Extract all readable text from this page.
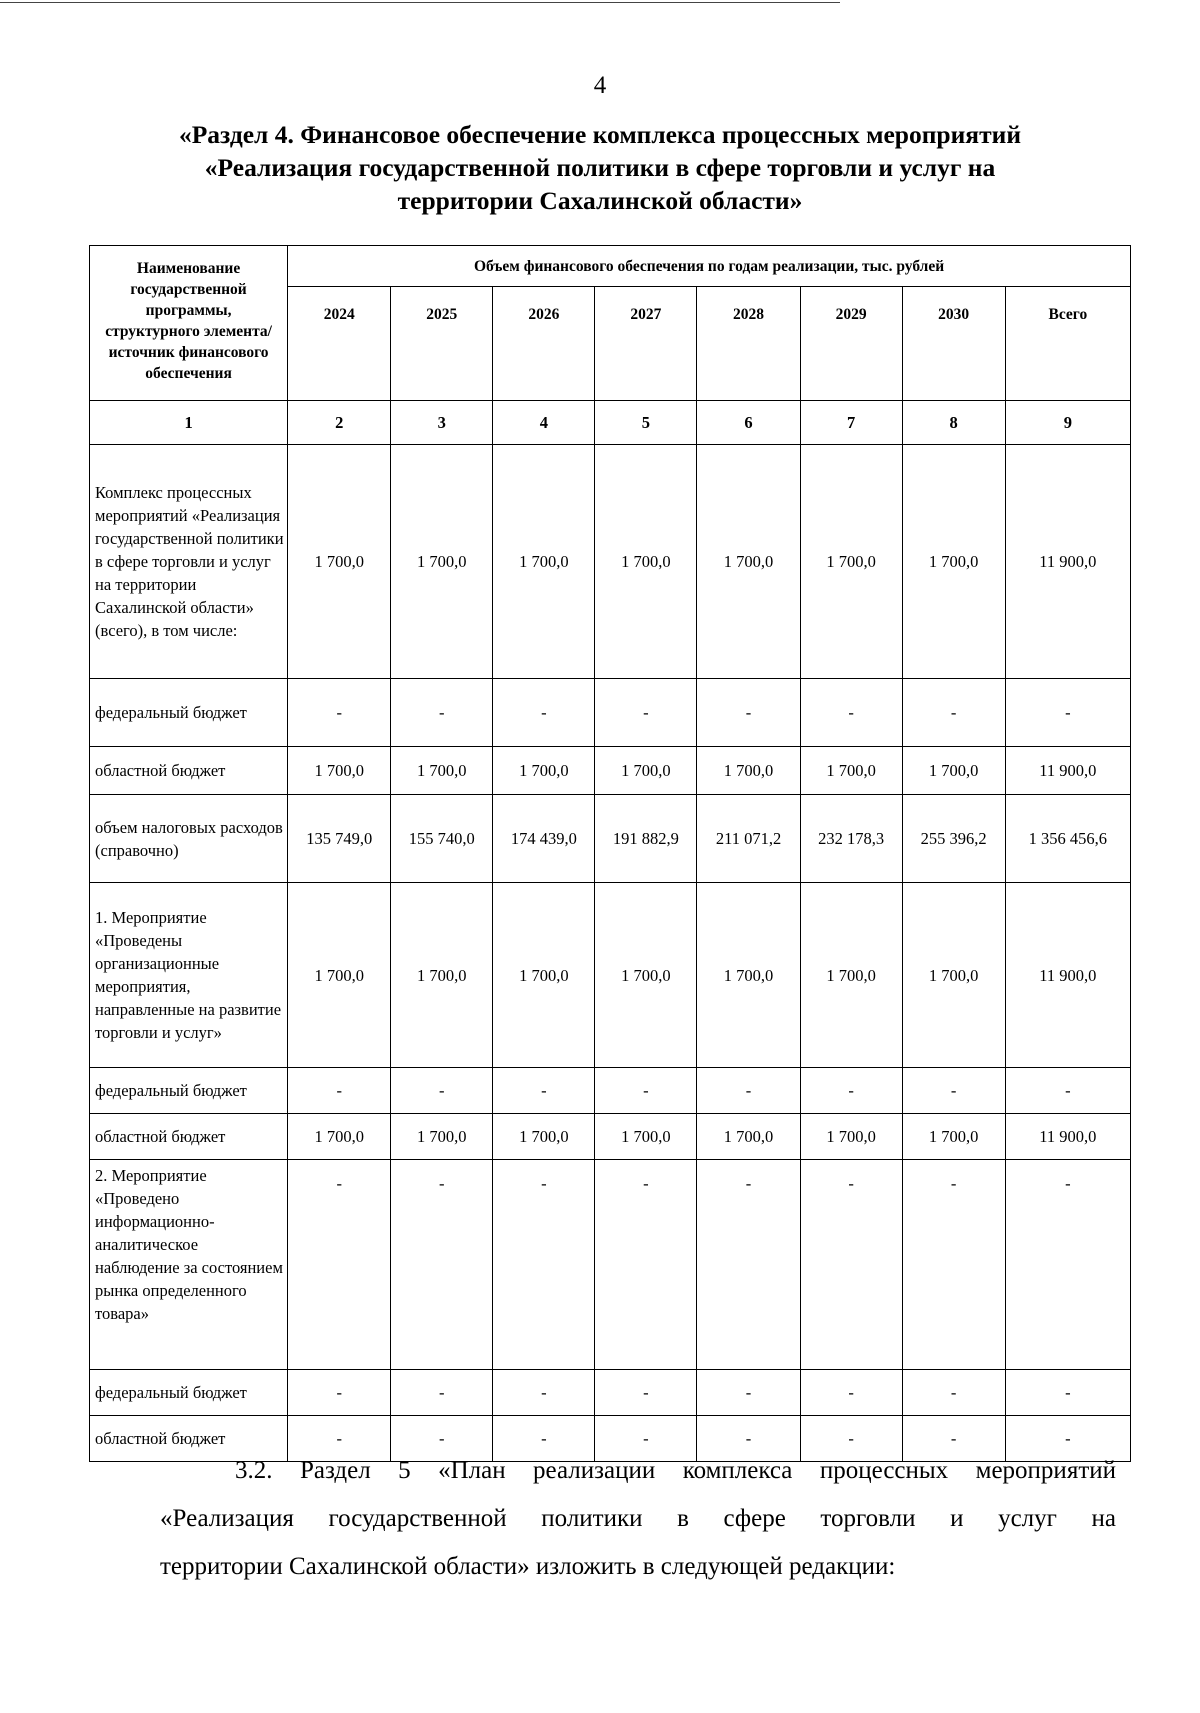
4
«Раздел 4. Финансовое обеспечение комплекса процессных мероприятий
«Реализация государственной политики в сфере торговли и услуг на
территории Сахалинской области»
Наименование государственной программы, структурного элемента/источник финансового обеспечения	Объем финансового обеспечения по годам реализации, тыс. рублей							
	2024	2025	2026	2027	2028	2029	2030	Всего
1	2	3	4	5	6	7	8	9
Комплекс процессных мероприятий «Реализация государственной политики в сфере торговли и услуг на территории Сахалинской области» (всего), в том числе:	1 700,0	1 700,0	1 700,0	1 700,0	1 700,0	1 700,0	1 700,0	11 900,0
федеральный бюджет	-	-	-	-	-	-	-	-
областной бюджет	1 700,0	1 700,0	1 700,0	1 700,0	1 700,0	1 700,0	1 700,0	11 900,0
объем налоговых расходов (справочно)	135 749,0	155 740,0	174 439,0	191 882,9	211 071,2	232 178,3	255 396,2	1 356 456,6
1. Мероприятие «Проведены организационные мероприятия, направленные на развитие торговли и услуг»	1 700,0	1 700,0	1 700,0	1 700,0	1 700,0	1 700,0	1 700,0	11 900,0
федеральный бюджет	-	-	-	-	-	-	-	-
областной бюджет	1 700,0	1 700,0	1 700,0	1 700,0	1 700,0	1 700,0	1 700,0	11 900,0
2. Мероприятие «Проведено информационно-аналитическое наблюдение за состоянием рынка определенного товара»	-	-	-	-	-	-	-	-
федеральный бюджет	-	-	-	-	-	-	-	-
областной бюджет	-	-	-	-	-	-	-	-
3.2. Раздел 5 «План реализации комплекса процессных мероприятий
«Реализация государственной политики в сфере торговли и услуг на
территории Сахалинской области» изложить в следующей редакции:
